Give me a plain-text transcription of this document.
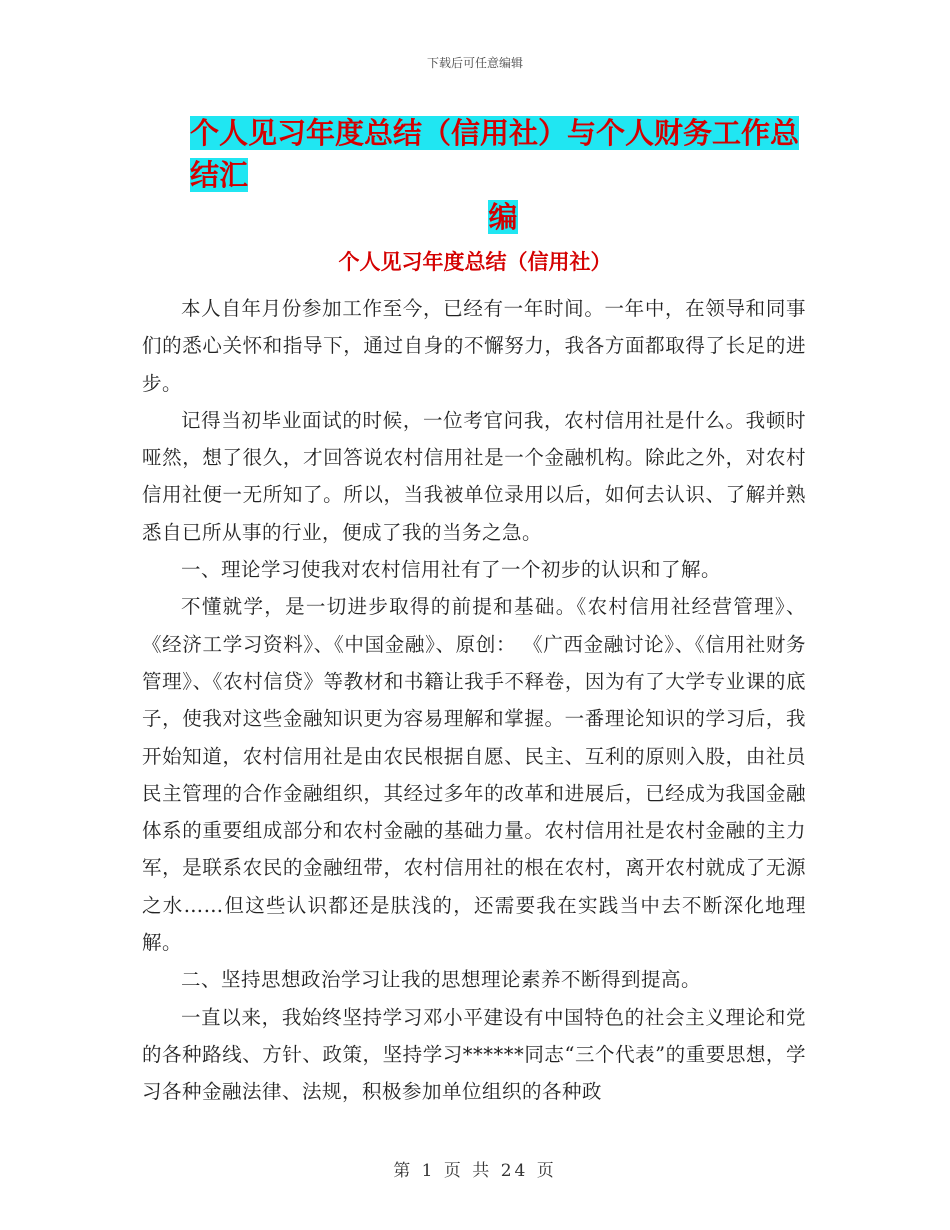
下载后可任意编辑
个人见习年度总结（信用社）与个人财务工作总结汇
编
个人见习年度总结（信用社）

本人自年月份参加工作至今，已经有一年时间。一年中，在领导和同事们的悉心关怀和指导下，通过自身的不懈努力，我各方面都取得了长足的进步。

记得当初毕业面试的时候，一位考官问我，农村信用社是什么。我顿时哑然，想了很久，才回答说农村信用社是一个金融机构。除此之外，对农村信用社便一无所知了。所以，当我被单位录用以后，如何去认识、了解并熟悉自已所从事的行业，便成了我的当务之急。

一、理论学习使我对农村信用社有了一个初步的认识和了解。

不懂就学，是一切进步取得的前提和基础。《农村信用社经营管理》、《经济工学习资料》、《中国金融》、原创： 《广西金融讨论》、《信用社财务管理》、《农村信贷》等教材和书籍让我手不释卷，因为有了大学专业课的底子，使我对这些金融知识更为容易理解和掌握。一番理论知识的学习后，我开始知道，农村信用社是由农民根据自愿、民主、互利的原则入股，由社员民主管理的合作金融组织，其经过多年的改革和进展后，已经成为我国金融体系的重要组成部分和农村金融的基础力量。农村信用社是农村金融的主力军，是联系农民的金融纽带，农村信用社的根在农村，离开农村就成了无源之水……但这些认识都还是肤浅的，还需要我在实践当中去不断深化地理解。

二、坚持思想政治学习让我的思想理论素养不断得到提高。

一直以来，我始终坚持学习邓小平建设有中国特色的社会主义理论和党的各种路线、方针、政策，坚持学习******同志“三个代表”的重要思想，学习各种金融法律、法规，积极参加单位组织的各种政

第 1 页 共 24 页
